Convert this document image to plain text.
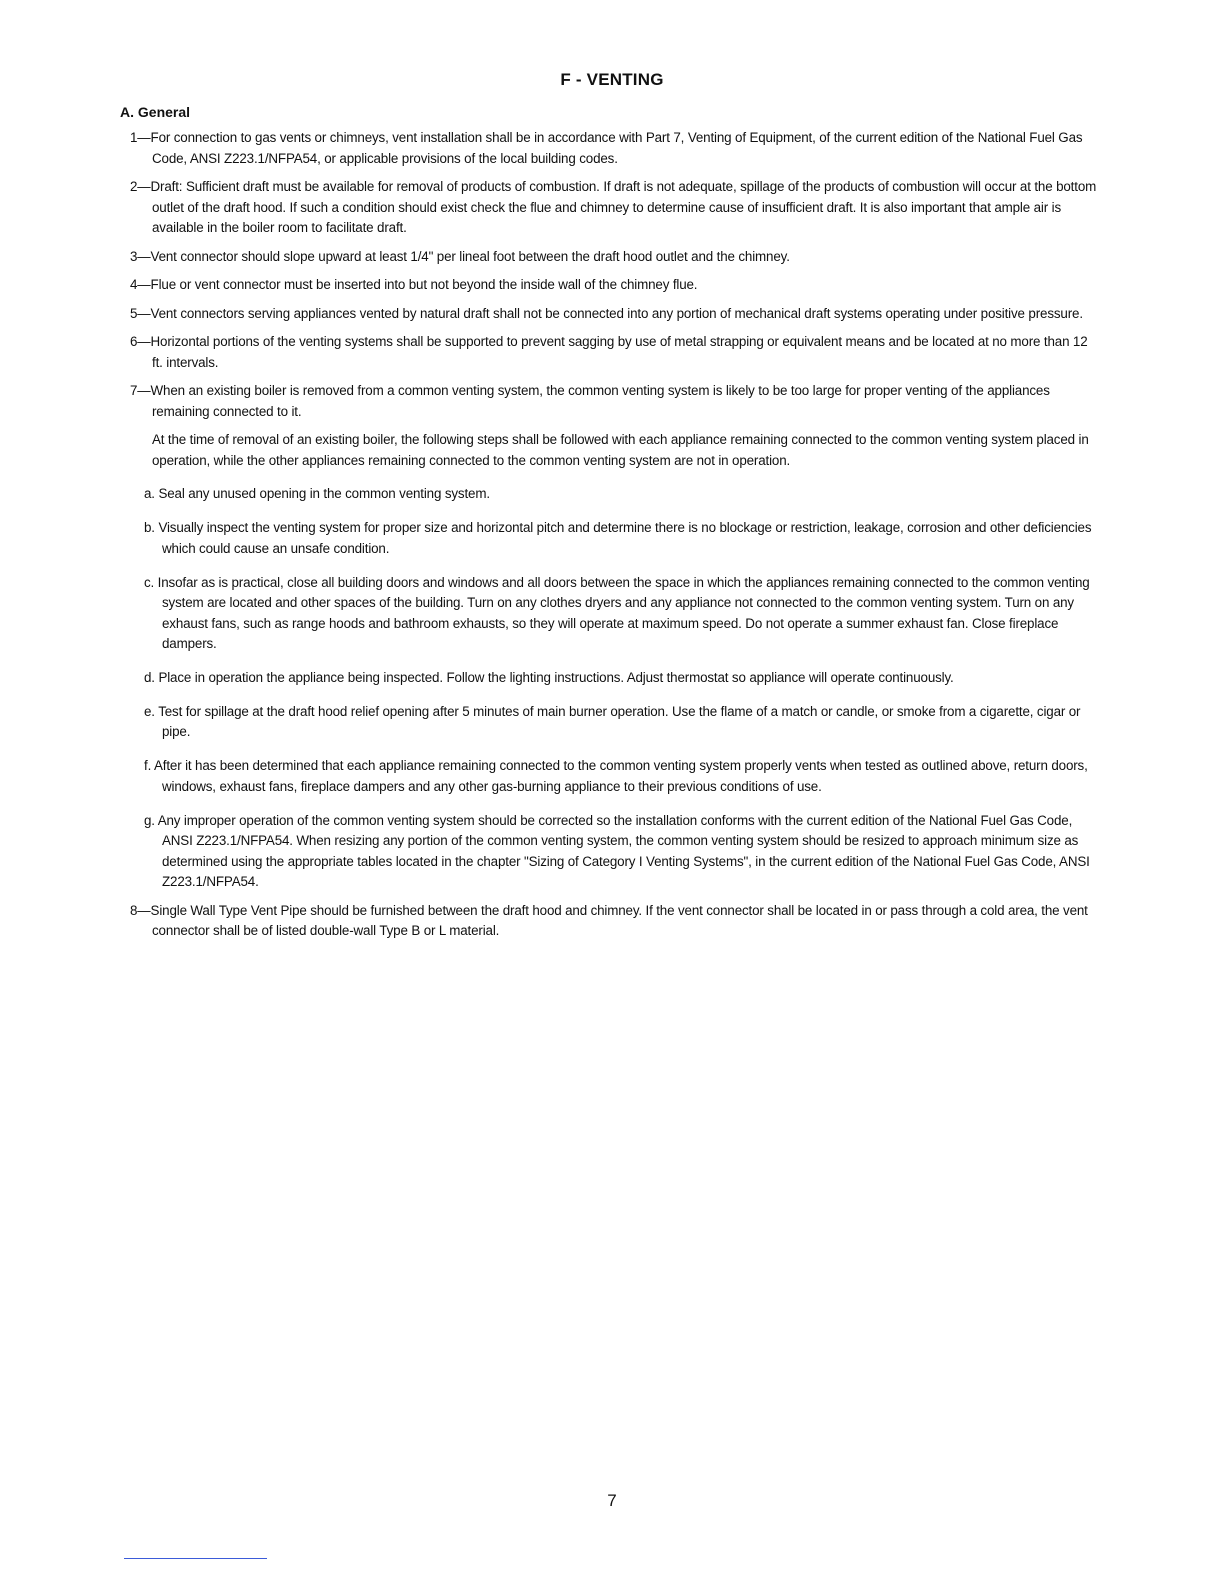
F - VENTING
A. General

1—For connection to gas vents or chimneys, vent installation shall be in accordance with Part 7, Venting of Equipment, of the current edition of the National Fuel Gas Code, ANSI Z223.1/NFPA54, or applicable provisions of the local building codes.

2—Draft: Sufficient draft must be available for removal of products of combustion. If draft is not adequate, spillage of the products of combustion will occur at the bottom outlet of the draft hood. If such a condition should exist check the flue and chimney to determine cause of insufficient draft. It is also important that ample air is available in the boiler room to facilitate draft.

3—Vent connector should slope upward at least 1/4" per lineal foot between the draft hood outlet and the chimney.

4—Flue or vent connector must be inserted into but not beyond the inside wall of the chimney flue.

5—Vent connectors serving appliances vented by natural draft shall not be connected into any portion of mechanical draft systems operating under positive pressure.

6—Horizontal portions of the venting systems shall be supported to prevent sagging by use of metal strapping or equivalent means and be located at no more than 12 ft. intervals.

7—When an existing boiler is removed from a common venting system, the common venting system is likely to be too large for proper venting of the appliances remaining connected to it.

At the time of removal of an existing boiler, the following steps shall be followed with each appliance remaining connected to the common venting system placed in operation, while the other appliances remaining connected to the common venting system are not in operation.

a. Seal any unused opening in the common venting system.

b. Visually inspect the venting system for proper size and horizontal pitch and determine there is no blockage or restriction, leakage, corrosion and other deficiencies which could cause an unsafe condition.

c. Insofar as is practical, close all building doors and windows and all doors between the space in which the appliances remaining connected to the common venting system are located and other spaces of the building. Turn on any clothes dryers and any appliance not connected to the common venting system. Turn on any exhaust fans, such as range hoods and bathroom exhausts, so they will operate at maximum speed. Do not operate a summer exhaust fan. Close fireplace dampers.

d. Place in operation the appliance being inspected. Follow the lighting instructions. Adjust thermostat so appliance will operate continuously.

e. Test for spillage at the draft hood relief opening after 5 minutes of main burner operation. Use the flame of a match or candle, or smoke from a cigarette, cigar or pipe.

f. After it has been determined that each appliance remaining connected to the common venting system properly vents when tested as outlined above, return doors, windows, exhaust fans, fireplace dampers and any other gas-burning appliance to their previous conditions of use.

g. Any improper operation of the common venting system should be corrected so the installation conforms with the current edition of the National Fuel Gas Code, ANSI Z223.1/NFPA54. When resizing any portion of the common venting system, the common venting system should be resized to approach minimum size as determined using the appropriate tables located in the chapter "Sizing of Category I Venting Systems", in the current edition of the National Fuel Gas Code, ANSI Z223.1/NFPA54.

8—Single Wall Type Vent Pipe should be furnished between the draft hood and chimney. If the vent connector shall be located in or pass through a cold area, the vent connector shall be of listed double-wall Type B or L material.

7
